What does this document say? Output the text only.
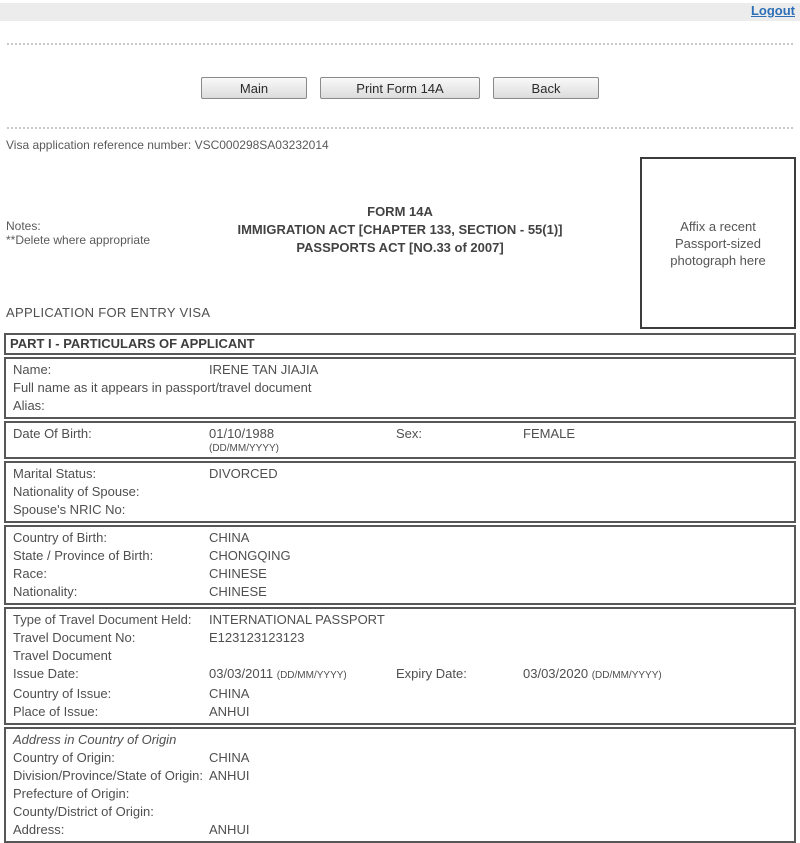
Logout
Main	Print Form 14A	Back
Visa application reference number: VSC000298SA03232014
FORM 14A
IMMIGRATION ACT [CHAPTER 133, SECTION - 55(1)]
PASSPORTS ACT [NO.33 of 2007]
Notes:
**Delete where appropriate
Affix a recent Passport-sized photograph here
APPLICATION FOR ENTRY VISA
PART I - PARTICULARS OF APPLICANT
Name:	IRENE TAN JIAJIA
Full name as it appears in passport/travel document
Alias:
Date Of Birth:	01/10/1988	Sex:	FEMALE
(DD/MM/YYYY)
Marital Status:	DIVORCED
Nationality of Spouse:
Spouse's NRIC No:
Country of Birth:	CHINA
State / Province of Birth:	CHONGQING
Race:	CHINESE
Nationality:	CHINESE
Type of Travel Document Held:	INTERNATIONAL PASSPORT
Travel Document No:	E123123123123
Travel Document
Issue Date:	03/03/2011 (DD/MM/YYYY)	Expiry Date:	03/03/2020 (DD/MM/YYYY)
Country of Issue:	CHINA
Place of Issue:	ANHUI
Address in Country of Origin
Country of Origin:	CHINA
Division/Province/State of Origin: ANHUI
Prefecture of Origin:
County/District of Origin:
Address:	ANHUI
